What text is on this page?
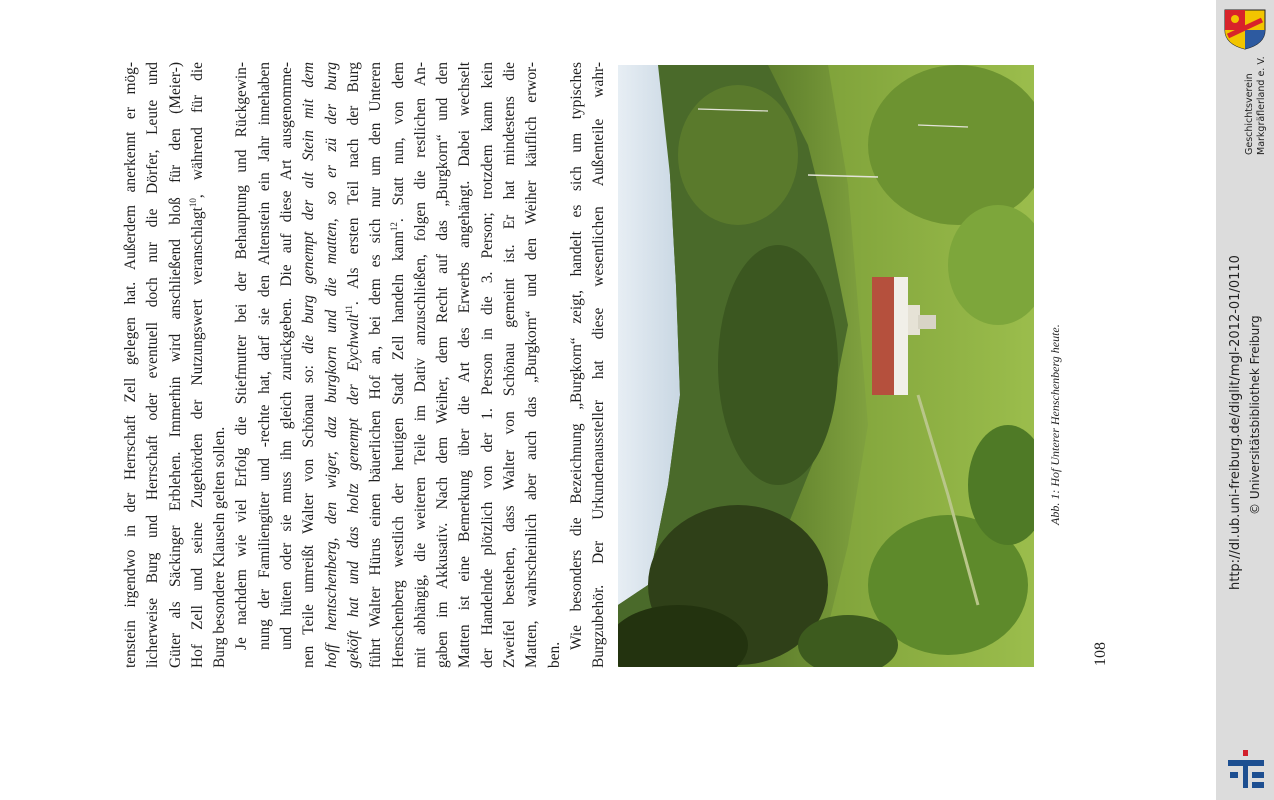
tenstein irgendwo in der Herrschaft Zell gelegen hat. Außerdem anerkennt er mög- licherweise Burg und Herrschaft oder eventuell doch nur die Dörfer, Leute und Güter als Säckinger Erblehen. Immerhin wird anschließend bloß für den (Meier-) Hof Zell und seine Zugehörden der Nutzungswert veranschlagt$^{10}$, während für die
Burg besondere Klauseln gelten sollen. Je nachdem wie viel Erfolg die Stiefmutter bei der Behauptung und Rückgewin- nung der Familiengüter und -rechte hat, darf sie den Altenstein ein Jahr innehaben und hüten oder sie muss ihn gleich zurückgeben. Die auf diese Art ausgenomme- nen Teile umreißt Walter von Schönau so: die burg genempt der alt Stein mit dem hoff hentschenberg, den wiger, daz burgkorn und die matten, so er zü der burg geköft hat und das holtz genempt der Eychwalt$^{11}$. Als ersten Teil nach der Burg führt Walter Hürus einen bäuerlichen Hof an, bei dem es sich nur um den Unteren Henschenberg westlich der heutigen Stadt Zell handeln kann$^{12}$. Statt nun, von dem mit abhängig, die weiteren Teile im Dativ anzuschließen, folgen die restlichen An- gaben im Akkusativ. Nach dem Weiher, dem Recht auf das „Burgkorn“ und den Matten ist eine Bemerkung über die Art des Erwerbs angehängt. Dabei wechselt der Handelnde plötzlich von der 1. Person in die 3. Person; trotzdem kann kein Zweifel bestehen, dass Walter von Schönau gemeint ist. Er hat mindestens die Matten, wahrscheinlich aber auch das „Burgkorn“ und den Weiher käuflich erwor- ben.

Wie besonders die Bezeichnung „Burgkorn“ zeigt, handelt es sich um typisches Burgzubehör. Der Urkundenaussteller hat diese wesentlichen Außenteile wahr-	Abb. 1: Hof Unterer Henschenberg heute.
108
Geschichtsverein Markgräflerland e. V.
http://dl.ub.uni-freiburg.de/diglit/mgl-2012-01/0110 © Universitätsbibliothek Freiburg
